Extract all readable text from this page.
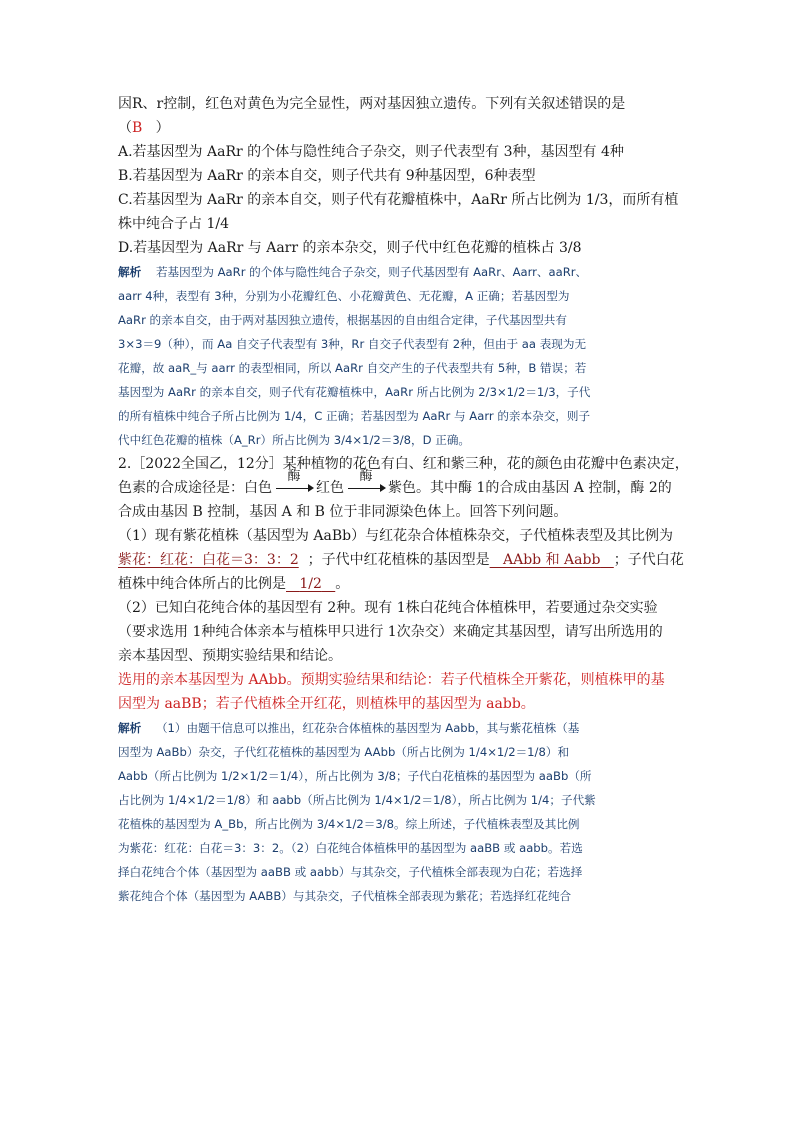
因R、r控制，红色对黄色为完全显性，两对基因独立遗传。下列有关叙述错误的是

（B ）

A.若基因型为 AaRr 的个体与隐性纯合子杂交，则子代表型有 3种，基因型有 4种

B.若基因型为 AaRr 的亲本自交，则子代共有 9种基因型，6种表型

C.若基因型为 AaRr 的亲本自交，则子代有花瓣植株中，AaRr 所占比例为 1/3，而所有植

株中纯合子占 1/4

D.若基因型为 AaRr 与 Aarr 的亲本杂交，则子代中红色花瓣的植株占 3/8

解析 若基因型为 AaRr 的个体与隐性纯合子杂交，则子代基因型有 AaRr、Aarr、aaRr、

aarr 4种，表型有 3种，分别为小花瓣红色、小花瓣黄色、无花瓣，A 正确；若基因型为

AaRr 的亲本自交，由于两对基因独立遗传，根据基因的自由组合定律，子代基因型共有

3×3＝9（种），而 Aa 自交子代表型有 3种，Rr 自交子代表型有 2种，但由于 aa 表现为无

花瓣，故 aaR_与 aarr 的表型相同，所以 AaRr 自交产生的子代表型共有 5种，B 错误；若

基因型为 AaRr 的亲本自交，则子代有花瓣植株中，AaRr 所占比例为 2/3×1/2＝1/3，子代

的所有植株中纯合子所占比例为 1/4，C 正确；若基因型为 AaRr 与 Aarr 的亲本杂交，则子

代中红色花瓣的植株（A_Rr）所占比例为 3/4×1/2＝3/8，D 正确。

2.［2022全国乙，12分］某种植物的花色有白、红和紫三种，花的颜色由花瓣中色素决定，

色素的合成途径是：白色
酶
红色
酶
紫色。其中酶 1的合成由基因 A 控制，酶 2的

合成由基因 B 控制，基因 A 和 B 位于非同源染色体上。回答下列问题。

（1）现有紫花植株（基因型为 AaBb）与红花杂合体植株杂交，子代植株表型及其比例为

紫花：红花：白花＝3：3：2 ；子代中红花植株的基因型是 AAbb 和 Aabb ；子代白花

植株中纯合体所占的比例是 1/2 。

（2）已知白花纯合体的基因型有 2种。现有 1株白花纯合体植株甲，若要通过杂交实验

（要求选用 1种纯合体亲本与植株甲只进行 1次杂交）来确定其基因型，请写出所选用的

亲本基因型、预期实验结果和结论。

选用的亲本基因型为 AAbb。预期实验结果和结论：若子代植株全开紫花，则植株甲的基

因型为 aaBB；若子代植株全开红花，则植株甲的基因型为 aabb。

解析 （1）由题干信息可以推出，红花杂合体植株的基因型为 Aabb，其与紫花植株（基

因型为 AaBb）杂交，子代红花植株的基因型为 AAbb（所占比例为 1/4×1/2＝1/8）和

Aabb（所占比例为 1/2×1/2＝1/4），所占比例为 3/8；子代白花植株的基因型为 aaBb（所

占比例为 1/4×1/2＝1/8）和 aabb（所占比例为 1/4×1/2＝1/8），所占比例为 1/4；子代紫

花植株的基因型为 A_Bb，所占比例为 3/4×1/2＝3/8。综上所述，子代植株表型及其比例

为紫花：红花：白花＝3：3：2。（2）白花纯合体植株甲的基因型为 aaBB 或 aabb。若选

择白花纯合个体（基因型为 aaBB 或 aabb）与其杂交，子代植株全部表现为白花；若选择

紫花纯合个体（基因型为 AABB）与其杂交，子代植株全部表现为紫花；若选择红花纯合
